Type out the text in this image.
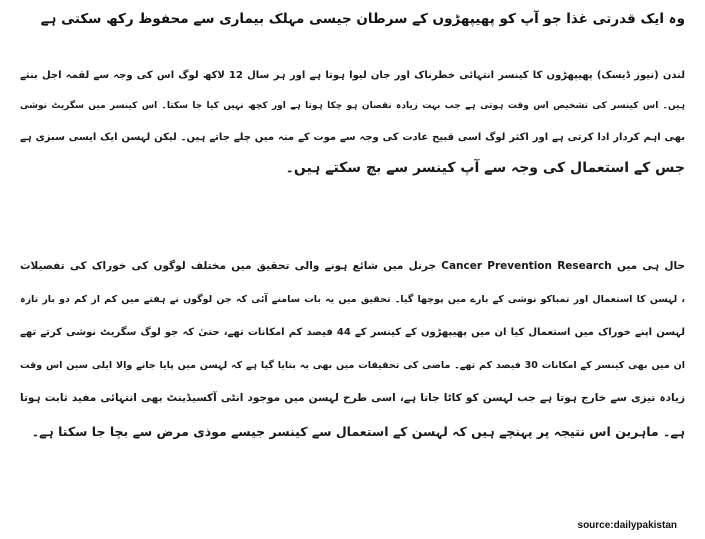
وہ ایک قدرتی غذا جو آپ کو پھیپھڑوں کے سرطان جیسی مہلک بیماری سے محفوظ رکھ سکتی ہے
لندن (نیوز ڈیسک) پھیپھڑوں کا کینسر انتہائی خطرناک اور جان لیوا ہوتا ہے اور ہر سال 12 لاکھ لوگ اس کی وجہ سے لقمہ اجل بنتے
ہیں۔ اس کینسر کی تشخیص اس وقت ہوتی ہے جب بہت زیادہ نقصان ہو چکا ہوتا ہے اور کچھ نہیں کیا جا سکتا۔ اس کینسر میں سگریٹ نوشی
بھی اہم کردار ادا کرتی ہے اور اکثر لوگ اسی قبیح عادت کی وجہ سے موت کے منہ میں چلے جاتے ہیں۔ لیکن لہسن ایک ایسی سبزی ہے
جس کے استعمال کی وجہ سے آپ کینسر سے بچ سکتے ہیں۔
حال ہی میں Cancer Prevention Research جرنل میں شائع ہونے والی تحقیق میں مختلف لوگوں کی خوراک کی تفصیلات
، لہسن کا استعمال اور تمباکو نوشی کے بارے میں پوچھا گیا۔ تحقیق میں یہ بات سامنے آئی کہ جن لوگوں نے ہفتے میں کم از کم دو بار تازہ
لہسن اپنے خوراک میں استعمال کیا ان میں پھیپھڑوں کے کینسر کے 44 فیصد کم امکانات تھے، حتیٰ کہ جو لوگ سگریٹ نوشی کرتے تھے
ان میں بھی کینسر کے امکانات 30 فیصد کم تھے۔ ماضی کی تحقیقات میں بھی یہ بتایا گیا ہے کہ لہسن میں پایا جانے والا ایلی سین اس وقت
زیادہ تیزی سے خارج ہوتا ہے جب لہسن کو کاٹا جاتا ہے، اسی طرح لہسن میں موجود انٹی آکسیڈینٹ بھی انتہائی مفید ثابت ہوتا
ہے۔ ماہرین اس نتیجہ پر پہنچے ہیں کہ لہسن کے استعمال سے کینسر جیسے موذی مرض سے بچا جا سکتا ہے۔
source:dailypakistan
